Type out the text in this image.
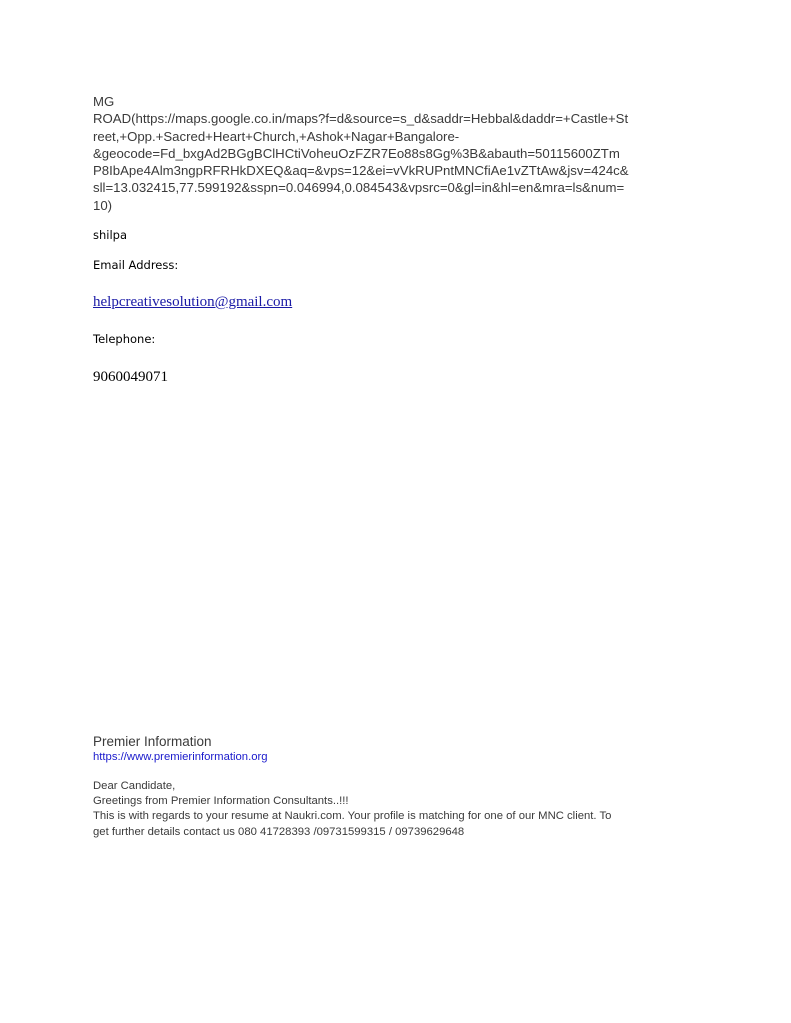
MG
ROAD(https://maps.google.co.in/maps?f=d&source=s_d&saddr=Hebbal&daddr=+Castle+St
reet,+Opp.+Sacred+Heart+Church,+Ashok+Nagar+Bangalore-
&geocode=Fd_bxgAd2BGgBClHCtiVoheuOzFZR7Eo88s8Gg%3B&abauth=50115600ZTm
P8IbApe4Alm3ngpRFRHkDXEQ&aq=&vps=12&ei=vVkRUPntMNCfiAe1vZTtAw&jsv=424c&
sll=13.032415,77.599192&sspn=0.046994,0.084543&vpsrc=0&gl=in&hl=en&mra=ls&num=
10)
shilpa
Email Address:
helpcreativesolution@gmail.com
Telephone:
9060049071
Premier Information
https://www.premierinformation.org
Dear Candidate,
Greetings from Premier Information Consultants..!!!
This is with regards to your resume at Naukri.com. Your profile is matching for one of our MNC client. To
get further details contact us 080 41728393 /09731599315 / 09739629648
